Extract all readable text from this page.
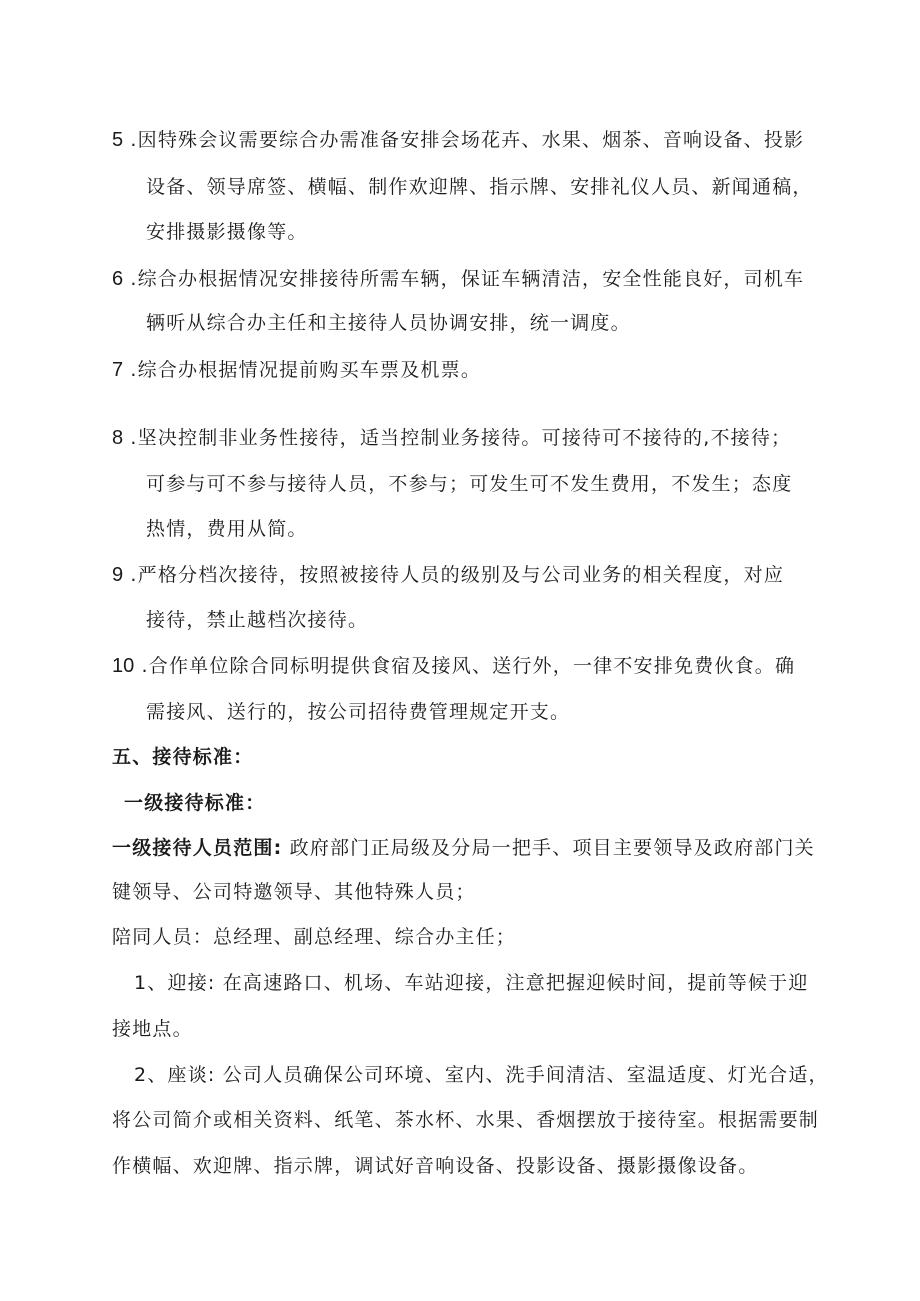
5 .因特殊会议需要综合办需准备安排会场花卉、水果、烟茶、音响设备、投影
设备、领导席签、横幅、制作欢迎牌、指示牌、安排礼仪人员、新闻通稿，
安排摄影摄像等。
6 .综合办根据情况安排接待所需车辆，保证车辆清洁，安全性能良好，司机车
辆听从综合办主任和主接待人员协调安排，统一调度。
7 .综合办根据情况提前购买车票及机票。
8 .坚决控制非业务性接待，适当控制业务接待。可接待可不接待的,不接待；
可参与可不参与接待人员，不参与；可发生可不发生费用，不发生；态度
热情，费用从简。
9 .严格分档次接待，按照被接待人员的级别及与公司业务的相关程度，对应
接待，禁止越档次接待。
10 .合作单位除合同标明提供食宿及接风、送行外，一律不安排免费伙食。确
需接风、送行的，按公司招待费管理规定开支。
五、接待标准：
一级接待标准：
一级接待人员范围: 政府部门正局级及分局一把手、项目主要领导及政府部门关
键领导、公司特邀领导、其他特殊人员；
陪同人员：总经理、副总经理、综合办主任；
1、迎接: 在高速路口、机场、车站迎接，注意把握迎候时间，提前等候于迎
接地点。
2、座谈: 公司人员确保公司环境、室内、洗手间清洁、室温适度、灯光合适，
将公司简介或相关资料、纸笔、茶水杯、水果、香烟摆放于接待室。根据需要制
作横幅、欢迎牌、指示牌，调试好音响设备、投影设备、摄影摄像设备。
